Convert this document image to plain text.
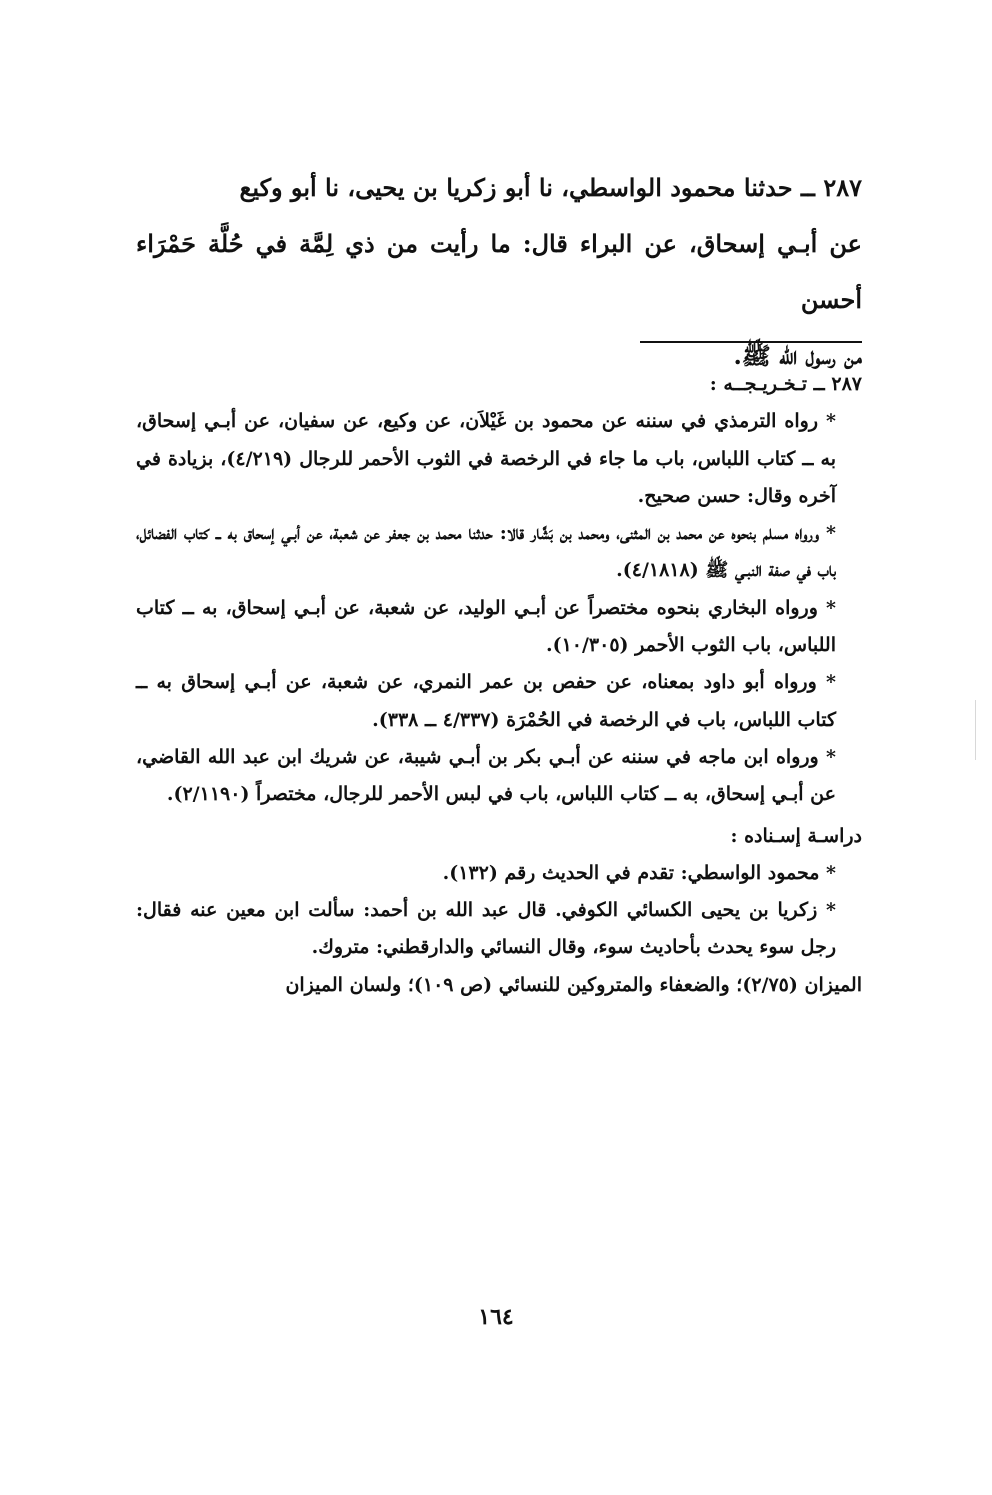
٢٨٧ ــ حدثنا محمود الواسطي، نا أبو زكريا بن يحيى، نا أبو وكيع

عن أبـي إسحاق، عن البراء قال: ما رأيت من ذي لِمَّة في حُلَّة حَمْرَاء أحسن

من رسول الله ﷺ.

٢٨٧ ــ تـخـريـجــه :

* رواه الترمذي في سننه عن محمود بن غَيْلاَن، عن وكيع، عن سفيان، عن أبـي إسحاق، به ــ كتاب اللباس، باب ما جاء في الرخصة في الثوب الأحمر للرجال (٤/٢١٩)، بزيادة في آخره وقال: حسن صحيح.

* ورواه مسلم بنحوه عن محمد بن المثنى، ومحمد بن بَشَّار قالا: حدثنا محمد بن جعفر عن شعبة، عن أبـي إسحاق به ــ كتاب الفضائل، باب في صفة النبـي ﷺ (٤/١٨١٨).

* ورواه البخاري بنحوه مختصراً عن أبـي الوليد، عن شعبة، عن أبـي إسحاق، به ــ كتاب اللباس، باب الثوب الأحمر (١٠/٣٠٥).

* ورواه أبو داود بمعناه، عن حفص بن عمر النمري، عن شعبة، عن أبـي إسحاق به ــ كتاب اللباس، باب في الرخصة في الحُمْرَة (٤/٣٣٧ ــ ٣٣٨).

* ورواه ابن ماجه في سننه عن أبـي بكر بن أبـي شيبة، عن شريك ابن عبد الله القاضي، عن أبـي إسحاق، به ــ كتاب اللباس، باب في لبس الأحمر للرجال، مختصراً (٢/١١٩٠).

دراسـة إسـناده :

* محمود الواسطي: تقدم في الحديث رقم (١٣٢).

* زكريا بن يحيى الكسائي الكوفي. قال عبد الله بن أحمد: سألت ابن معين عنه فقال: رجل سوء يحدث بأحاديث سوء، وقال النسائي والدارقطني: متروك.

الميزان (٢/٧٥)؛ والضعفاء والمتروكين للنسائي (ص ١٠٩)؛ ولسان الميزان

١٦٤
